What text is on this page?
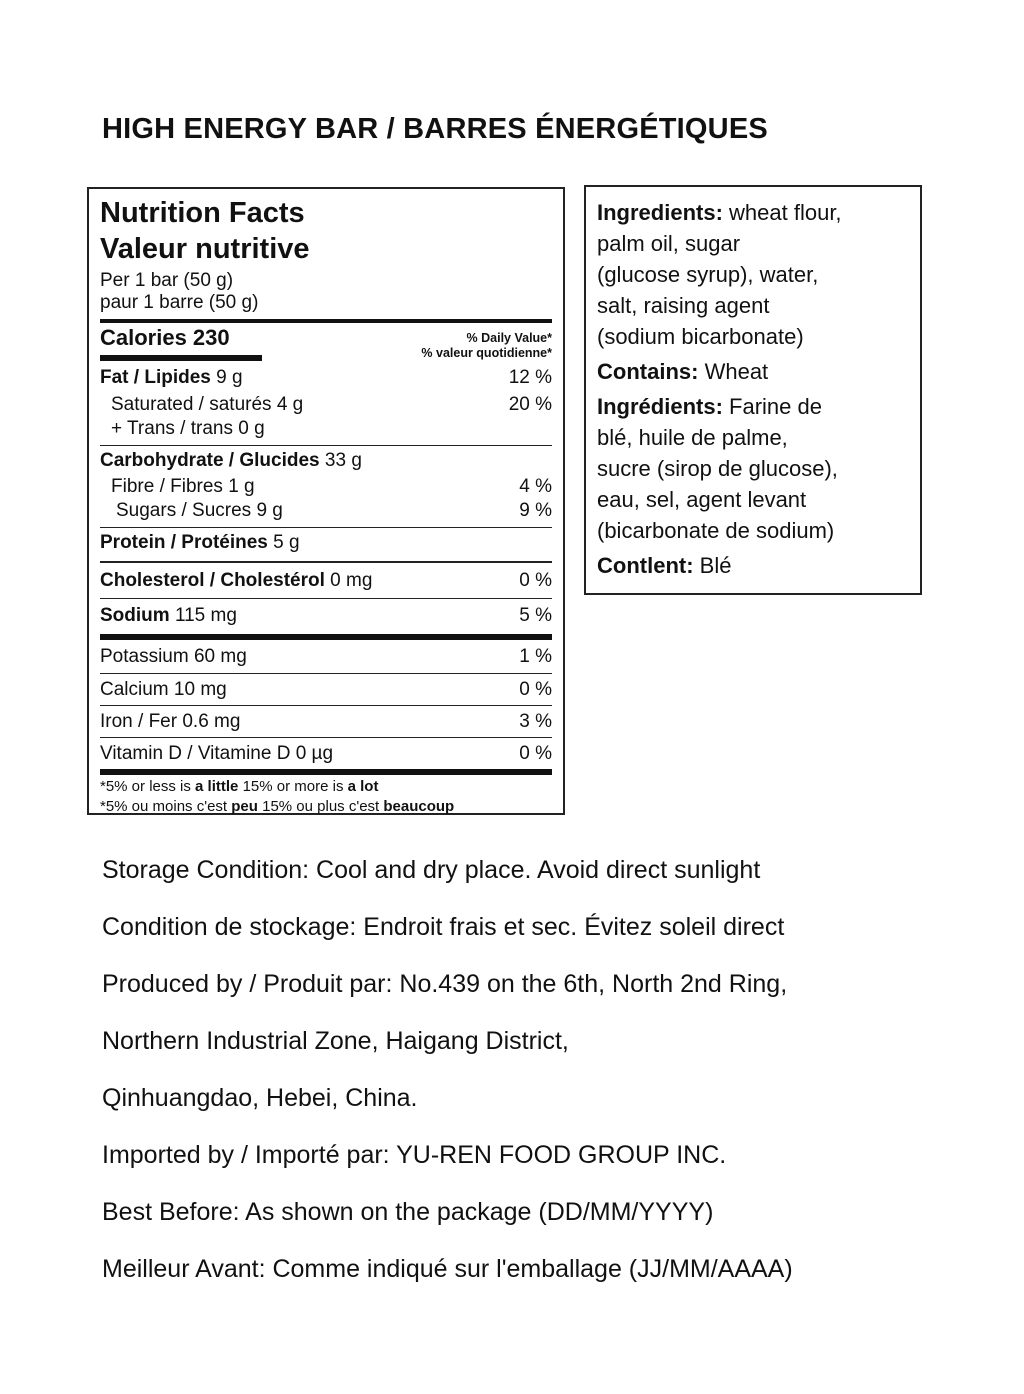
HIGH ENERGY BAR / BARRES ÉNERGÉTIQUES
Nutrition Facts
Valeur nutritive
Per 1 bar (50 g)
paur 1 barre (50 g)
Calories 230	% Daily Value*
% valeur quotidienne*
Fat / Lipides 9 g	12 %
Saturated / saturés 4 g	20 %
+ Trans / trans 0 g
Carbohydrate / Glucides 33 g
Fibre / Fibres 1 g	4 %
Sugars / Sucres 9 g	9 %
Protein / Protéines 5 g
Cholesterol / Cholestérol 0 mg	0 %
Sodium 115 mg	5 %
Potassium 60 mg	1 %
Calcium 10 mg	0 %
Iron / Fer 0.6 mg	3 %
Vitamin D / Vitamine D 0 µg	0 %
*5% or less is a little 15% or more is a lot
*5% ou moins c'est peu 15% ou plus c'est beaucoup

Ingredients: wheat flour,

palm oil, sugar

(glucose syrup), water,

salt, raising agent

(sodium bicarbonate)

Contains: Wheat

Ingrédients: Farine de

blé, huile de palme,

sucre (sirop de glucose),

eau, sel, agent levant

(bicarbonate de sodium)

Contlent: Blé

Storage Condition: Cool and dry place. Avoid direct sunlight
Condition de stockage: Endroit frais et sec. Évitez soleil direct
Produced by / Produit par: No.439 on the 6th, North 2nd Ring,
Northern Industrial Zone, Haigang District,
Qinhuangdao, Hebei, China.
Imported by / Importé par: YU-REN FOOD GROUP INC.
Best Before: As shown on the package (DD/MM/YYYY)
Meilleur Avant: Comme indiqué sur l'emballage (JJ/MM/AAAA)
